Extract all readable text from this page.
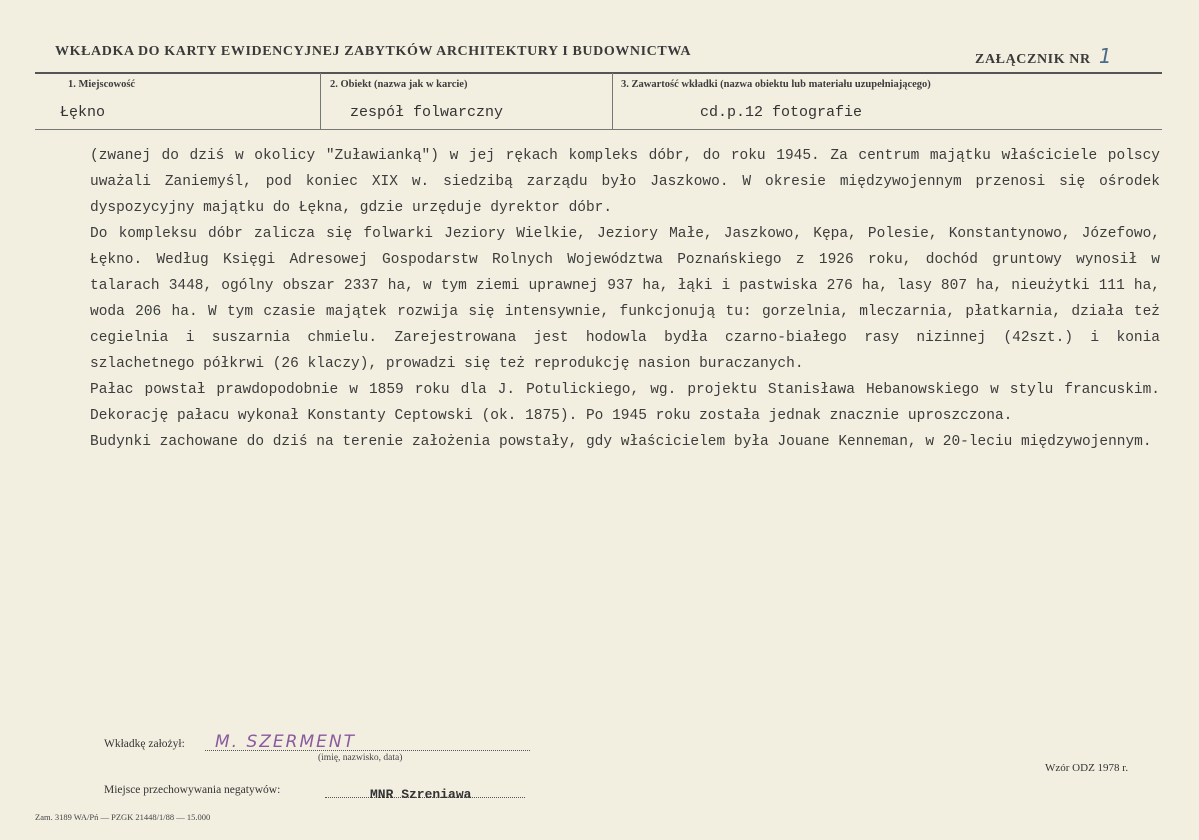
WKŁADKA DO KARTY EWIDENCYJNEJ ZABYTKÓW ARCHITEKTURY I BUDOWNICTWA
ZAŁĄCZNIK NR 1
1. Miejscowość
Łękno
2. Obiekt (nazwa jak w karcie)
zespół folwarczny
3. Zawartość wkładki (nazwa obiektu lub materiału uzupełniającego)
cd.p.12 fotografie

(zwanej do dziś w okolicy "Zuławianką") w jej rękach kompleks dóbr, do roku 1945. Za centrum majątku właściciele polscy uważali Zaniemyśl, pod koniec XIX w. siedzibą zarządu było Jaszkowo. W okresie międzywojennym przenosi się ośrodek dyspozycyjny majątku do Łękna, gdzie urzęduje dyrektor dóbr.

Do kompleksu dóbr zalicza się folwarki Jeziory Wielkie, Jeziory Małe, Jaszkowo, Kępa, Polesie, Konstantynowo, Józefowo, Łękno. Według Księgi Adresowej Gospodarstw Rolnych Województwa Poznańskiego z 1926 roku, dochód gruntowy wynosił w talarach 3448, ogólny obszar 2337 ha, w tym ziemi uprawnej 937 ha, łąki i pastwiska 276 ha, lasy 807 ha, nieużytki 111 ha, woda 206 ha. W tym czasie majątek rozwija się intensywnie, funkcjonują tu: gorzelnia, mleczarnia, płatkarnia, działa też cegielnia i suszarnia chmielu. Zarejestrowana jest hodowla bydła czarno-białego rasy nizinnej (42szt.) i konia szlachetnego półkrwi (26 klaczy), prowadzi się też reprodukcję nasion buraczanych.

Pałac powstał prawdopodobnie w 1859 roku dla J. Potulickiego, wg. projektu Stanisława Hebanowskiego w stylu francuskim. Dekorację pałacu wykonał Konstanty Ceptowski (ok. 1875). Po 1945 roku została jednak znacznie uproszczona.

Budynki zachowane do dziś na terenie założenia powstały, gdy właścicielem była Jouane Kenneman, w 20-leciu międzywojennym.

Wkładkę założył: M. SZERMENT
(imię, nazwisko, data)
Miejsce przechowywania negatywów:	MNR Szreniawa
Wzór ODZ 1978 r.
Zam. 3189 WA/Pń — PZGK 21448/1/88 — 15.000
